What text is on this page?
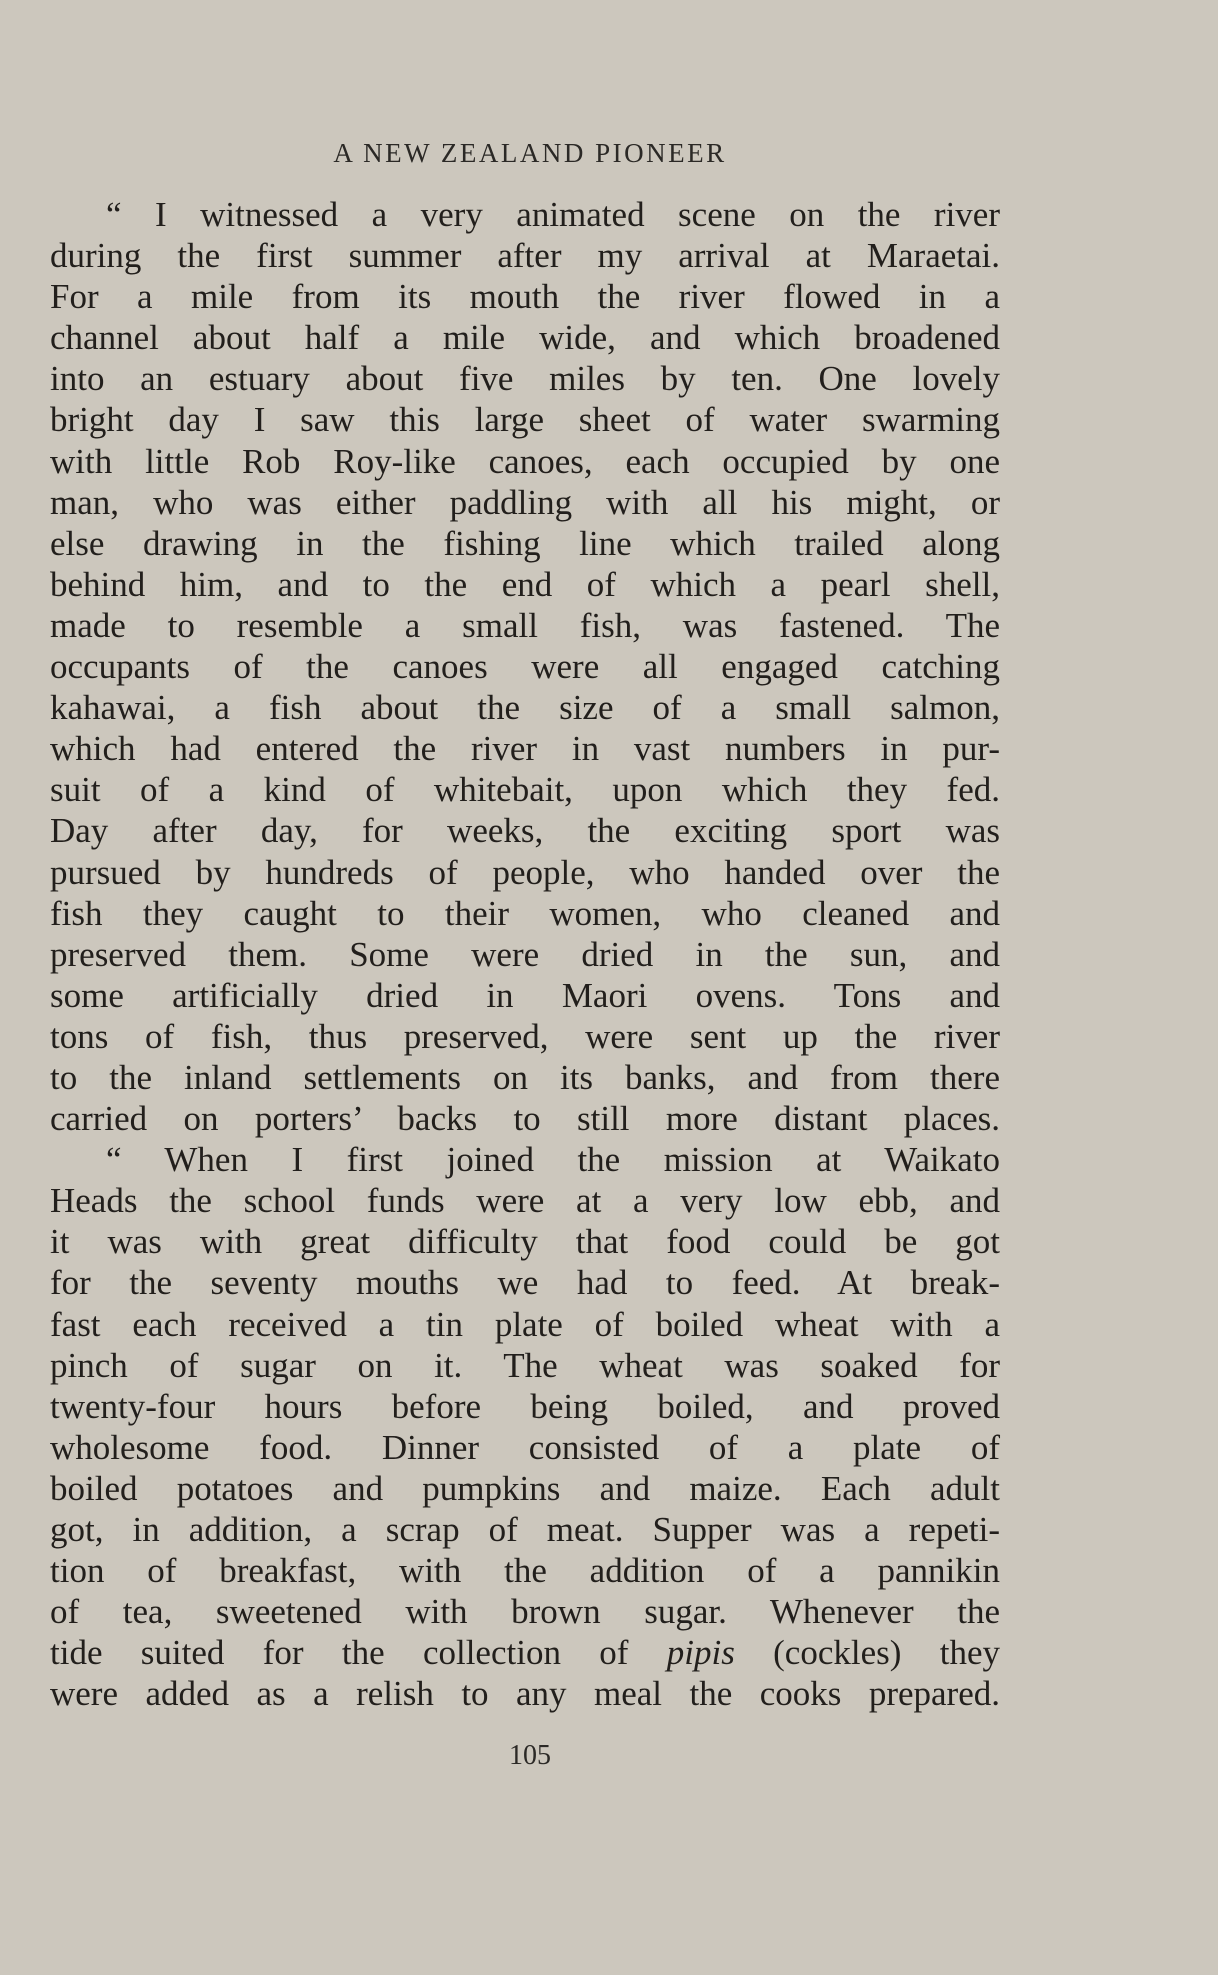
A NEW ZEALAND PIONEER
“ I witnessed a very animated scene on the river
during the first summer after my arrival at Maraetai.
For a mile from its mouth the river flowed in a
channel about half a mile wide, and which broadened
into an estuary about five miles by ten. One lovely
bright day I saw this large sheet of water swarming
with little Rob Roy-like canoes, each occupied by one
man, who was either paddling with all his might, or
else drawing in the fishing line which trailed along
behind him, and to the end of which a pearl shell,
made to resemble a small fish, was fastened. The
occupants of the canoes were all engaged catching
kahawai, a fish about the size of a small salmon,
which had entered the river in vast numbers in pur-
suit of a kind of whitebait, upon which they fed.
Day after day, for weeks, the exciting sport was
pursued by hundreds of people, who handed over the
fish they caught to their women, who cleaned and
preserved them. Some were dried in the sun, and
some artificially dried in Maori ovens. Tons and
tons of fish, thus preserved, were sent up the river
to the inland settlements on its banks, and from there
carried on porters’ backs to still more distant places.
“ When I first joined the mission at Waikato
Heads the school funds were at a very low ebb, and
it was with great difficulty that food could be got
for the seventy mouths we had to feed. At break-
fast each received a tin plate of boiled wheat with a
pinch of sugar on it. The wheat was soaked for
twenty-four hours before being boiled, and proved
wholesome food. Dinner consisted of a plate of
boiled potatoes and pumpkins and maize. Each adult
got, in addition, a scrap of meat. Supper was a repeti-
tion of breakfast, with the addition of a pannikin
of tea, sweetened with brown sugar. Whenever the
tide suited for the collection of pipis (cockles) they
were added as a relish to any meal the cooks prepared.
105
